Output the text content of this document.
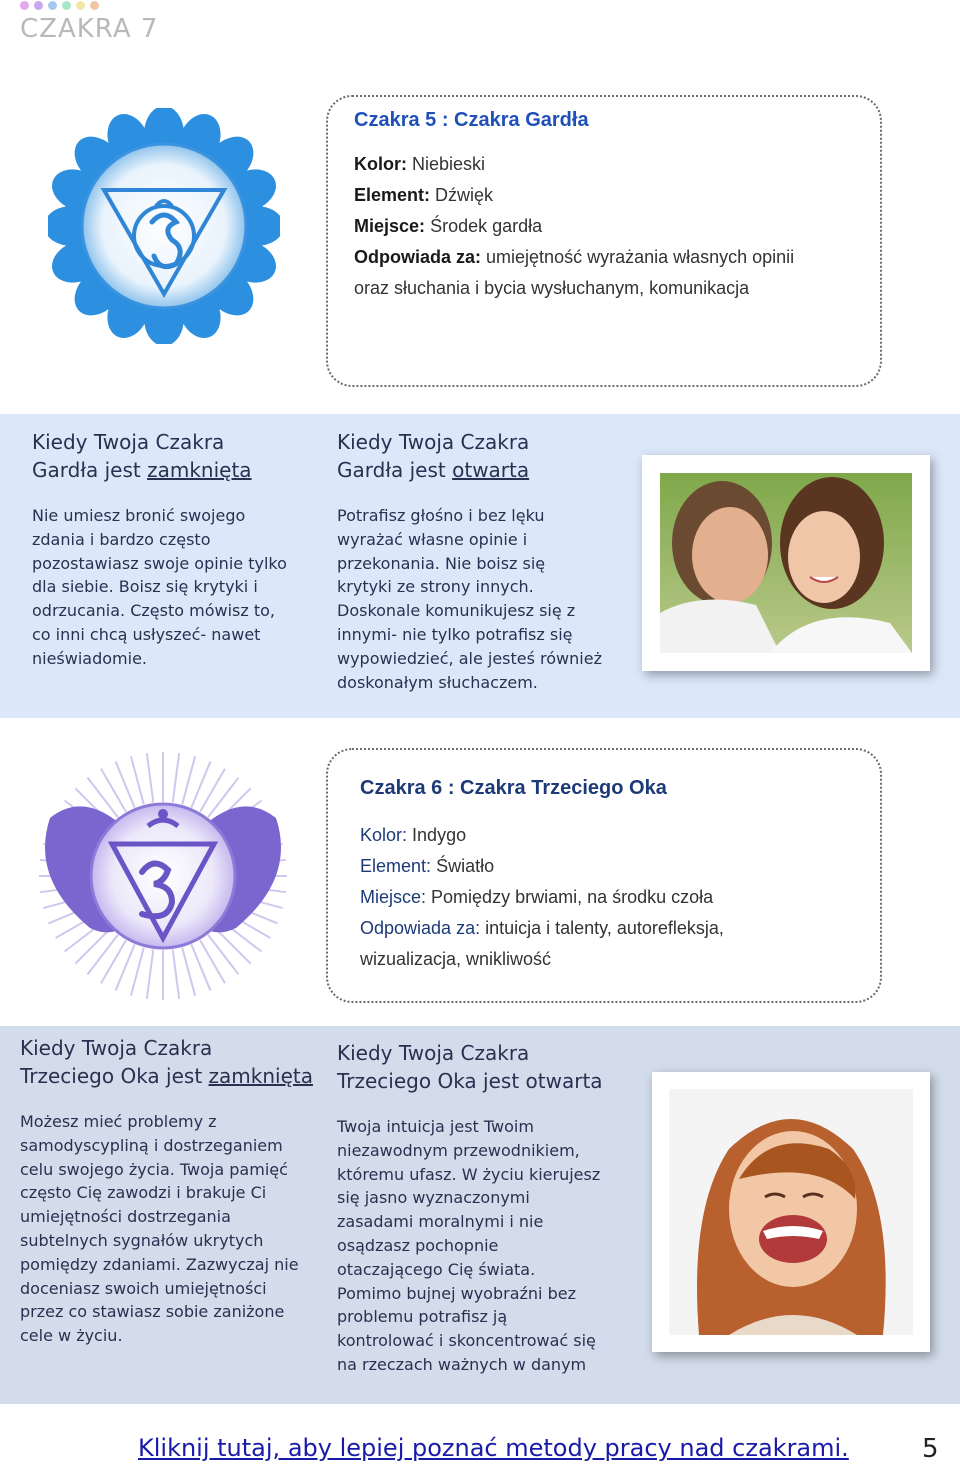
CZAKRA 7
Czakra 5 : Czakra Gardła
Kolor: Niebieski
Element: Dźwięk
Miejsce: Środek gardła
Odpowiada za: umiejętność wyrażania własnych opinii
oraz słuchania i bycia wysłuchanym, komunikacja
Kiedy Twoja Czakra
Gardła jest zamknięta
Nie umiesz bronić swojego
zdania i bardzo często
pozostawiasz swoje opinie tylko
dla siebie. Boisz się krytyki i
odrzucania. Często mówisz to,
co inni chcą usłyszeć- nawet
nieświadomie.
Kiedy Twoja Czakra
Gardła jest otwarta
Potrafisz głośno i bez lęku
wyrażać własne opinie i
przekonania. Nie boisz się
krytyki ze strony innych.
Doskonale komunikujesz się z
innymi- nie tylko potrafisz się
wypowiedzieć, ale jesteś również
doskonałym słuchaczem.
Czakra 6 : Czakra Trzeciego Oka
Kolor: Indygo
Element: Światło
Miejsce: Pomiędzy brwiami, na środku czoła
Odpowiada za: intuicja i talenty, autorefleksja,
wizualizacja, wnikliwość
Kiedy Twoja Czakra
Trzeciego Oka jest zamknięta
Możesz mieć problemy z
samodyscypliną i dostrzeganiem
celu swojego życia. Twoja pamięć
często Cię zawodzi i brakuje Ci
umiejętności dostrzegania
subtelnych sygnałów ukrytych
pomiędzy zdaniami. Zazwyczaj nie
doceniasz swoich umiejętności
przez co stawiasz sobie zaniżone
cele w życiu.
Kiedy Twoja Czakra
Trzeciego Oka jest otwarta
Twoja intuicja jest Twoim
niezawodnym przewodnikiem,
któremu ufasz. W życiu kierujesz
się jasno wyznaczonymi
zasadami moralnymi i nie
osądzasz pochopnie
otaczającego Cię świata.
Pomimo bujnej wyobraźni bez
problemu potrafisz ją
kontrolować i skoncentrować się
na rzeczach ważnych w danym
Kliknij tutaj, aby lepiej poznać metody pracy nad czakrami.	5
